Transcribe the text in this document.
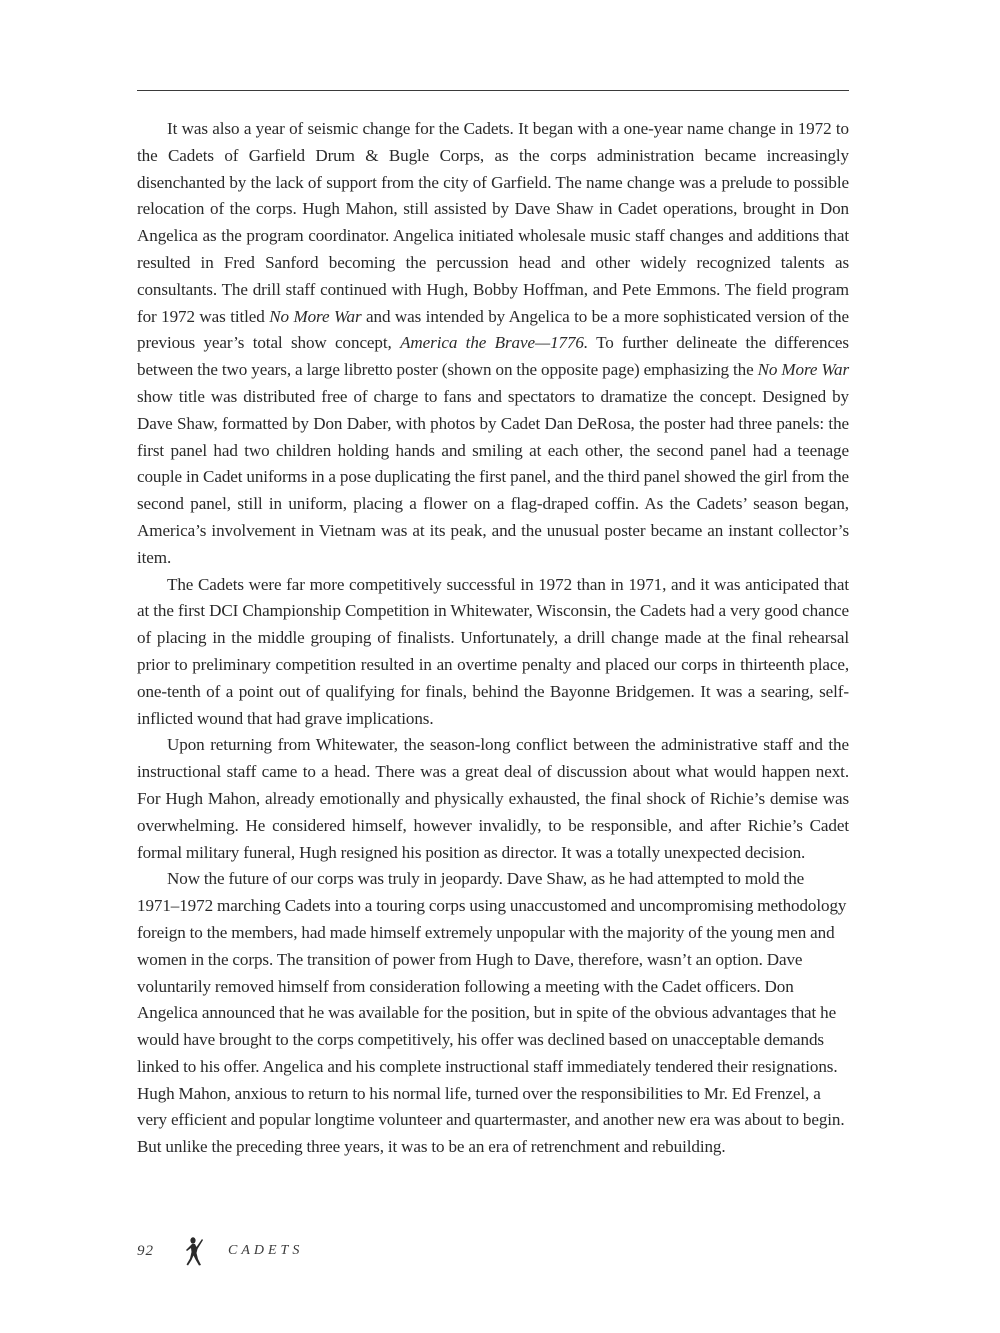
It was also a year of seismic change for the Cadets. It began with a one-year name change in 1972 to the Cadets of Garfield Drum & Bugle Corps, as the corps administration became increasingly disenchanted by the lack of support from the city of Garfield. The name change was a prelude to possible relocation of the corps. Hugh Mahon, still assisted by Dave Shaw in Cadet operations, brought in Don Angelica as the program coordinator. Angelica initiated wholesale music staff changes and additions that resulted in Fred Sanford becoming the percussion head and other widely recognized talents as consultants. The drill staff continued with Hugh, Bobby Hoffman, and Pete Emmons. The field program for 1972 was titled No More War and was intended by Angelica to be a more sophisticated version of the previous year’s total show concept, America the Brave—1776. To further delineate the differences between the two years, a large libretto poster (shown on the opposite page) emphasizing the No More War show title was distributed free of charge to fans and spectators to dramatize the concept. Designed by Dave Shaw, formatted by Don Daber, with photos by Cadet Dan DeRosa, the poster had three panels: the first panel had two children holding hands and smiling at each other, the second panel had a teenage couple in Cadet uniforms in a pose duplicating the first panel, and the third panel showed the girl from the second panel, still in uniform, placing a flower on a flag-draped coffin. As the Cadets’ season began, America’s involvement in Vietnam was at its peak, and the unusual poster became an instant collector’s item.

The Cadets were far more competitively successful in 1972 than in 1971, and it was anticipated that at the first DCI Championship Competition in Whitewater, Wisconsin, the Cadets had a very good chance of placing in the middle grouping of finalists. Unfortunately, a drill change made at the final rehearsal prior to preliminary competition resulted in an overtime penalty and placed our corps in thirteenth place, one-tenth of a point out of qualifying for finals, behind the Bayonne Bridgemen. It was a searing, self-inflicted wound that had grave implications.

Upon returning from Whitewater, the season-long conflict between the administrative staff and the instructional staff came to a head. There was a great deal of discussion about what would happen next. For Hugh Mahon, already emotionally and physically exhausted, the final shock of Richie’s demise was overwhelming. He considered himself, however invalidly, to be responsible, and after Richie’s Cadet formal military funeral, Hugh resigned his position as director. It was a totally unexpected decision.

Now the future of our corps was truly in jeopardy. Dave Shaw, as he had attempted to mold the 1971–1972 marching Cadets into a touring corps using unaccustomed and uncompromising methodology foreign to the members, had made himself extremely unpopular with the majority of the young men and women in the corps. The transition of power from Hugh to Dave, therefore, wasn’t an option. Dave voluntarily removed himself from consideration following a meeting with the Cadet officers. Don Angelica announced that he was available for the position, but in spite of the obvious advantages that he would have brought to the corps competitively, his offer was declined based on unacceptable demands linked to his offer. Angelica and his complete instructional staff immediately tendered their resignations. Hugh Mahon, anxious to return to his normal life, turned over the responsibilities to Mr. Ed Frenzel, a very efficient and popular longtime volunteer and quartermaster, and another new era was about to begin. But unlike the preceding three years, it was to be an era of retrenchment and rebuilding.

92	CADETS
